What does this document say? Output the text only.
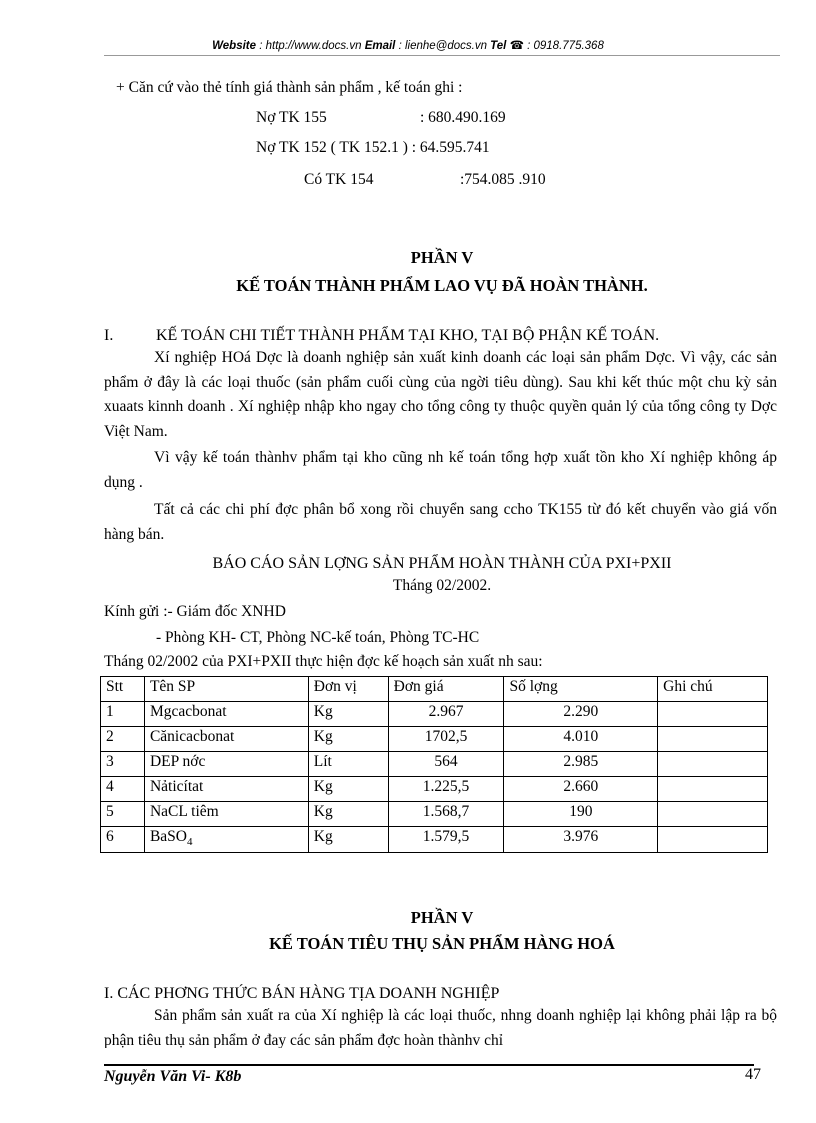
Website : http://www.docs.vn Email : lienhe@docs.vn Tel ☎ : 0918.775.368
+ Căn cứ vào thẻ tính giá thành sản phẩm , kế toán ghi :
Nợ TK 155	: 680.490.169
Nợ TK 152 ( TK 152.1 ) : 64.595.741
Có TK 154	:754.085 .910
PHẦN V
KẾ TOÁN THÀNH PHẨM LAO VỤ ĐÃ HOÀN THÀNH.
I.	KẾ TOÁN CHI TIẾT THÀNH PHẨM TẠI KHO, TẠI BỘ PHẬN KẾ TOÁN.
Xí nghiệp HOá Dợc là doanh nghiệp sản xuất kinh doanh các loại sản phẩm Dợc. Vì vậy, các sản phẩm ở đây là các loại thuốc (sản phẩm cuối cùng của ngời tiêu dùng). Sau khi kết thúc một chu kỳ sản xuaats kinnh doanh . Xí nghiệp nhập kho ngay cho tổng công ty thuộc quyền quản lý của tổng công ty Dợc Việt Nam.
Vì vậy kế toán thànhv phẩm tại kho cũng nh kế toán tổng hợp xuất tồn kho Xí nghiệp không áp dụng .
Tất cả các chi phí đợc phân bổ xong rồi chuyển sang ccho TK155 từ đó kết chuyển vào giá vốn hàng bán.
BÁO CÁO SẢN LỢNG SẢN PHẨM HOÀN THÀNH CỦA PXI+PXII
Tháng 02/2002.
Kính gửi :- Giám đốc XNHD
- Phòng KH- CT, Phòng NC-kế toán, Phòng TC-HC
Tháng 02/2002 của PXI+PXII thực hiện đợc kế hoạch sản xuất nh sau:
Stt	Tên SP	Đơn vị	Đơn giá	Số lợng	Ghi chú
1	Mgcacbonat	Kg	2.967	2.290	
2	Cănicacbonat	Kg	1702,5	4.010	
3	DEP nớc	Lít	564	2.985	
4	Nảticítat	Kg	1.225,5	2.660	
5	NaCL tiêm	Kg	1.568,7	190	
6	BaSO$_4$	Kg	1.579,5	3.976	
PHẦN V
KẾ TOÁN TIÊU THỤ SẢN PHẨM HÀNG HOÁ
I. CÁC PHƠNG THỨC BÁN HÀNG TỊA DOANH NGHIỆP
Sản phẩm sản xuất ra của Xí nghiệp là các loại thuốc, nhng doanh nghiệp lại không phải lập ra bộ phận tiêu thụ sản phẩm ở đay các sản phẩm đợc hoàn thànhv chỉ
Nguyễn Văn Vi- K8b	47
